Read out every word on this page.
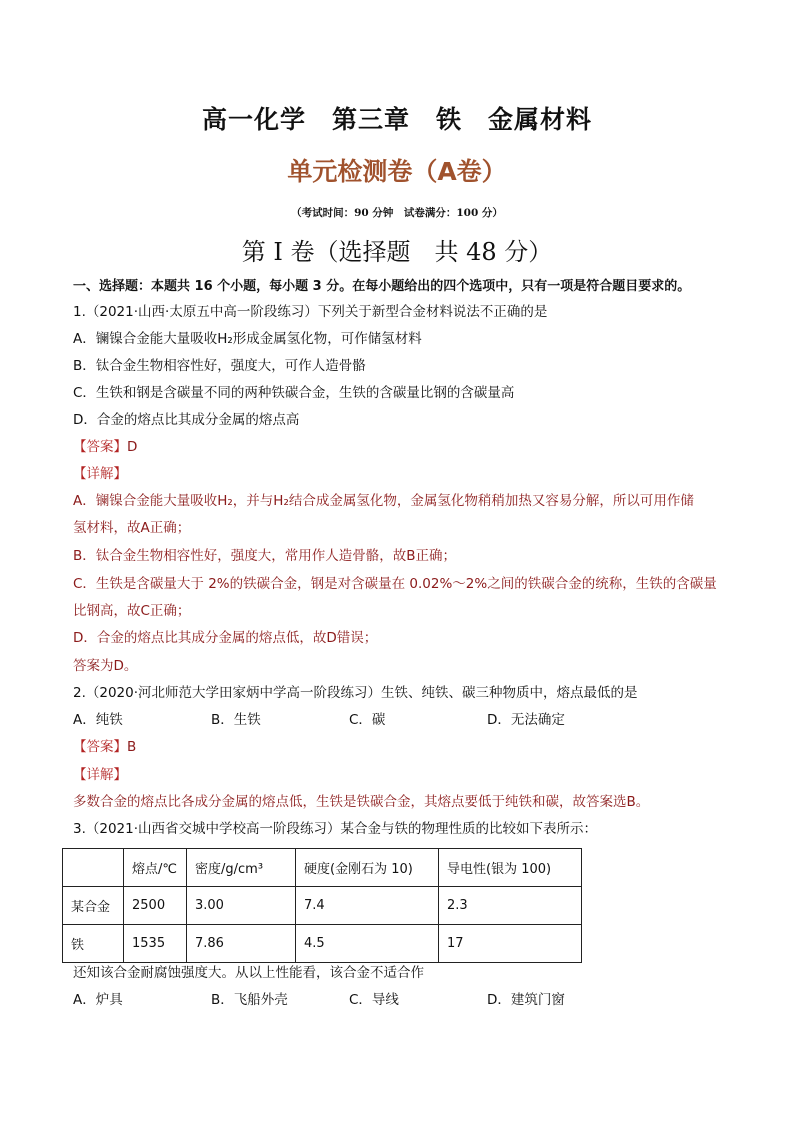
高一化学　第三章　铁　金属材料
单元检测卷（A卷）
（考试时间：90 分钟　试卷满分：100 分）
第 I 卷（选择题　共 48 分）
一、选择题：本题共 16 个小题，每小题 3 分。在每小题给出的四个选项中，只有一项是符合题目要求的。
1.（2021·山西·太原五中高一阶段练习）下列关于新型合金材料说法不正确的是
A．镧镍合金能大量吸收H₂形成金属氢化物，可作储氢材料
B．钛合金生物相容性好，强度大，可作人造骨骼
C．生铁和钢是含碳量不同的两种铁碳合金，生铁的含碳量比钢的含碳量高
D．合金的熔点比其成分金属的熔点高
【答案】D
【详解】
A．镧镍合金能大量吸收H₂，并与H₂结合成金属氢化物，金属氢化物稍稍加热又容易分解，所以可用作储
氢材料，故A正确；
B．钛合金生物相容性好，强度大，常用作人造骨骼，故B正确；
C．生铁是含碳量大于 2%的铁碳合金，钢是对含碳量在 0.02%～2%之间的铁碳合金的统称，生铁的含碳量
比钢高，故C正确；
D．合金的熔点比其成分金属的熔点低，故D错误；
答案为D。
2.（2020·河北师范大学田家炳中学高一阶段练习）生铁、纯铁、碳三种物质中，熔点最低的是
A．纯铁	B．生铁	C．碳	D．无法确定
【答案】B
【详解】
多数合金的熔点比各成分金属的熔点低，生铁是铁碳合金，其熔点要低于纯铁和碳，故答案选B。
3.（2021·山西省交城中学校高一阶段练习）某合金与铁的物理性质的比较如下表所示：
	熔点/℃	密度/g/cm³	硬度(金刚石为 10)	导电性(银为 100)
某合金	2500	3.00	7.4	2.3
铁	1535	7.86	4.5	17
还知该合金耐腐蚀强度大。从以上性能看，该合金不适合作
A．炉具	B．飞船外壳	C．导线	D．建筑门窗
